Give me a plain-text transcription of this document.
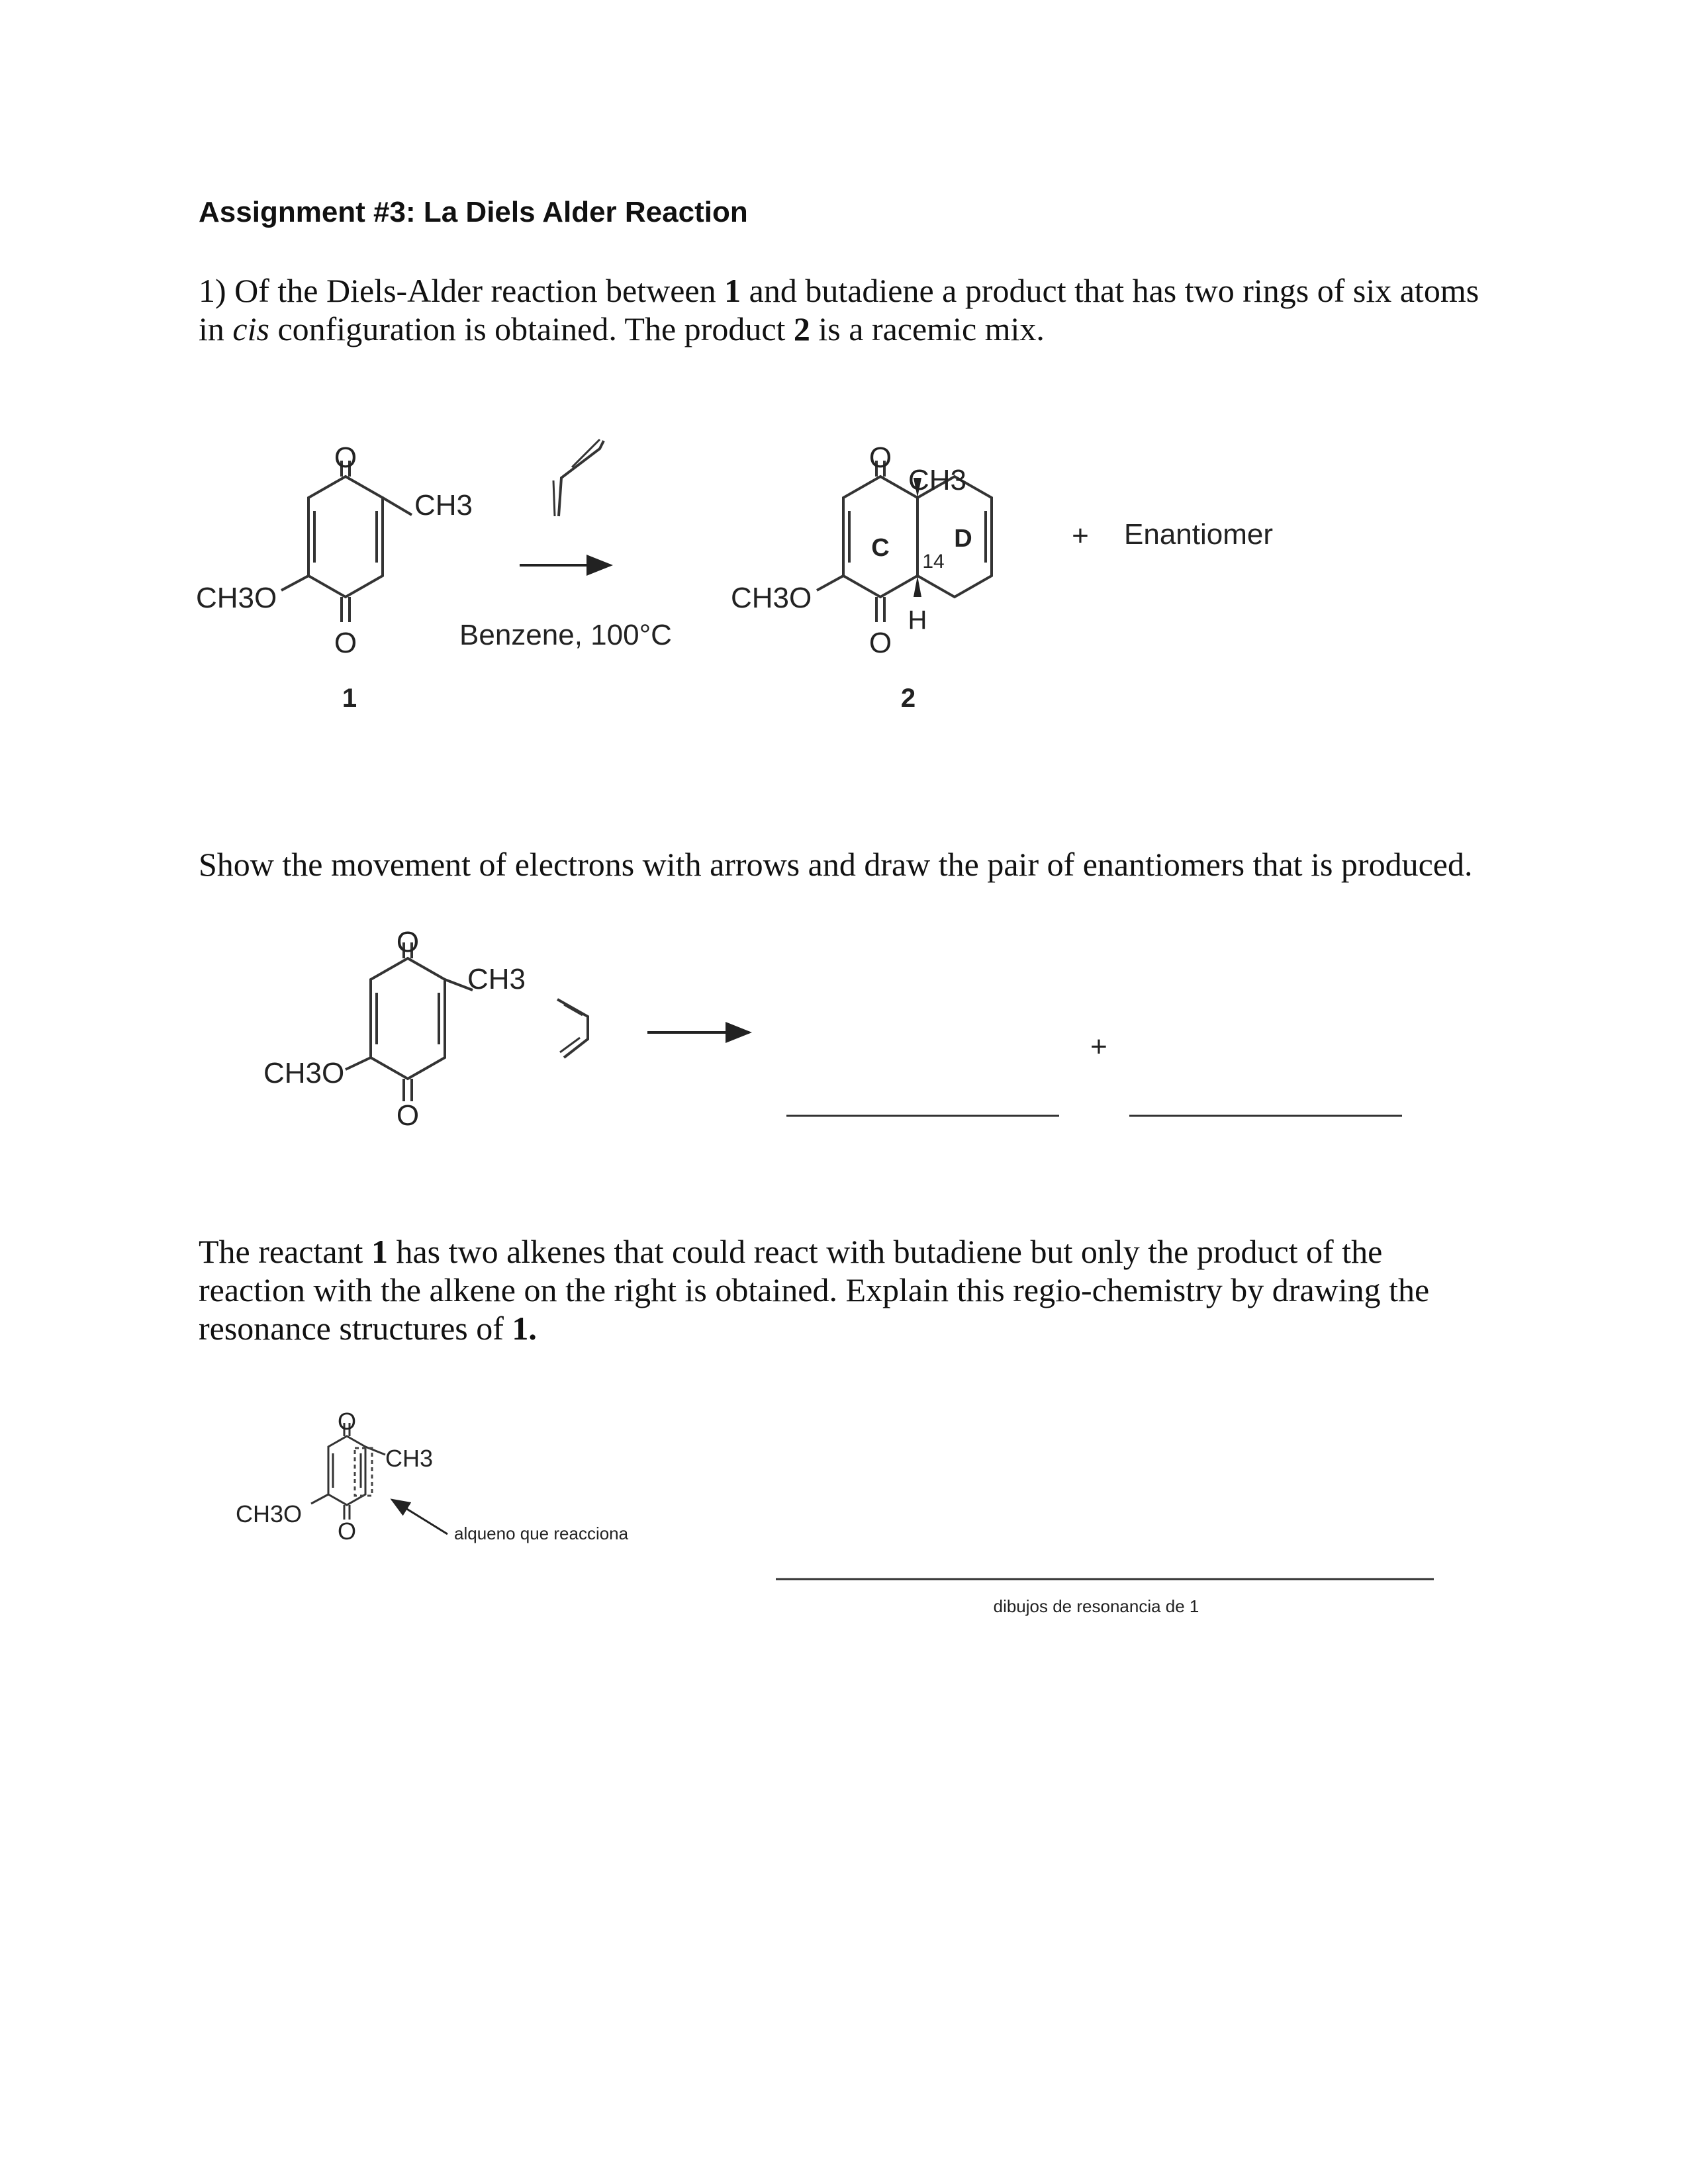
Assignment #3: La Diels Alder Reaction
1) Of the Diels-Alder reaction between 1 and butadiene a product that has two rings of six atoms
in cis configuration is obtained. The product 2 is a racemic mix.
Show the movement of electrons with arrows and draw the pair of enantiomers that is produced.
The reactant 1 has two alkenes that could react with butadiene but only the product of the
reaction with the alkene on the right is obtained. Explain this regio-chemistry by drawing the
resonance structures of 1.
O
O
CH3
CH3O
1
Benzene, 100°C
O
O
CH3
CH3O
C	D
14
H
2
+ Enantiomer
O
O
CH3
CH3O
+
O
O
CH3
CH3O
alqueno que reacciona
dibujos de resonancia de 1
